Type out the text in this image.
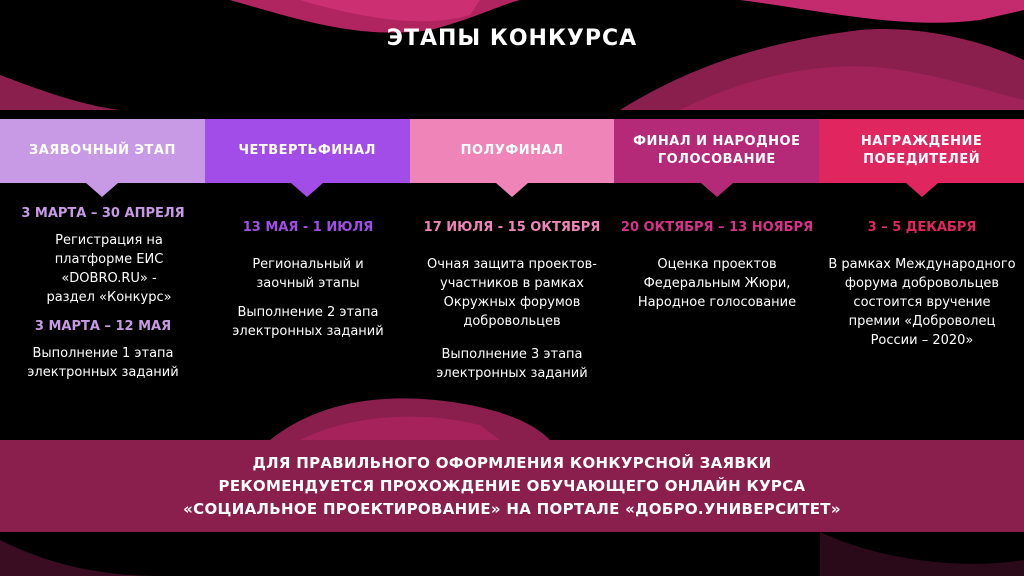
ЭТАПЫ КОНКУРСА
ЗАЯВОЧНЫЙ ЭТАП	ЧЕТВЕРТЬФИНАЛ	ПОЛУФИНАЛ
ФИНАЛ И НАРОДНОЕ ГОЛОСОВАНИЕ
НАГРАЖДЕНИЕ ПОБЕДИТЕЛЕЙ
3 МАРТА – 30 АПРЕЛЯ
Регистрация на платформе ЕИС «DOBRO.RU» - раздел «Конкурс»
3 МАРТА – 12 МАЯ
Выполнение 1 этапа электронных заданий
13 МАЯ - 1 ИЮЛЯ
Региональный и заочный этапы
Выполнение 2 этапа электронных заданий
17 ИЮЛЯ - 15 ОКТЯБРЯ
Очная защита проектов-участников в рамках Окружных форумов добровольцев
Выполнение 3 этапа электронных заданий
20 ОКТЯБРЯ – 13 НОЯБРЯ
Оценка проектов Федеральным Жюри, Народное голосование
3 – 5 ДЕКАБРЯ
В рамках Международного форума добровольцев состоится вручение премии «Доброволец России – 2020»
ДЛЯ ПРАВИЛЬНОГО ОФОРМЛЕНИЯ КОНКУРСНОЙ ЗАЯВКИ
РЕКОМЕНДУЕТСЯ ПРОХОЖДЕНИЕ ОБУЧАЮЩЕГО ОНЛАЙН КУРСА
«СОЦИАЛЬНОЕ ПРОЕКТИРОВАНИЕ» НА ПОРТАЛЕ «ДОБРО.УНИВЕРСИТЕТ»
